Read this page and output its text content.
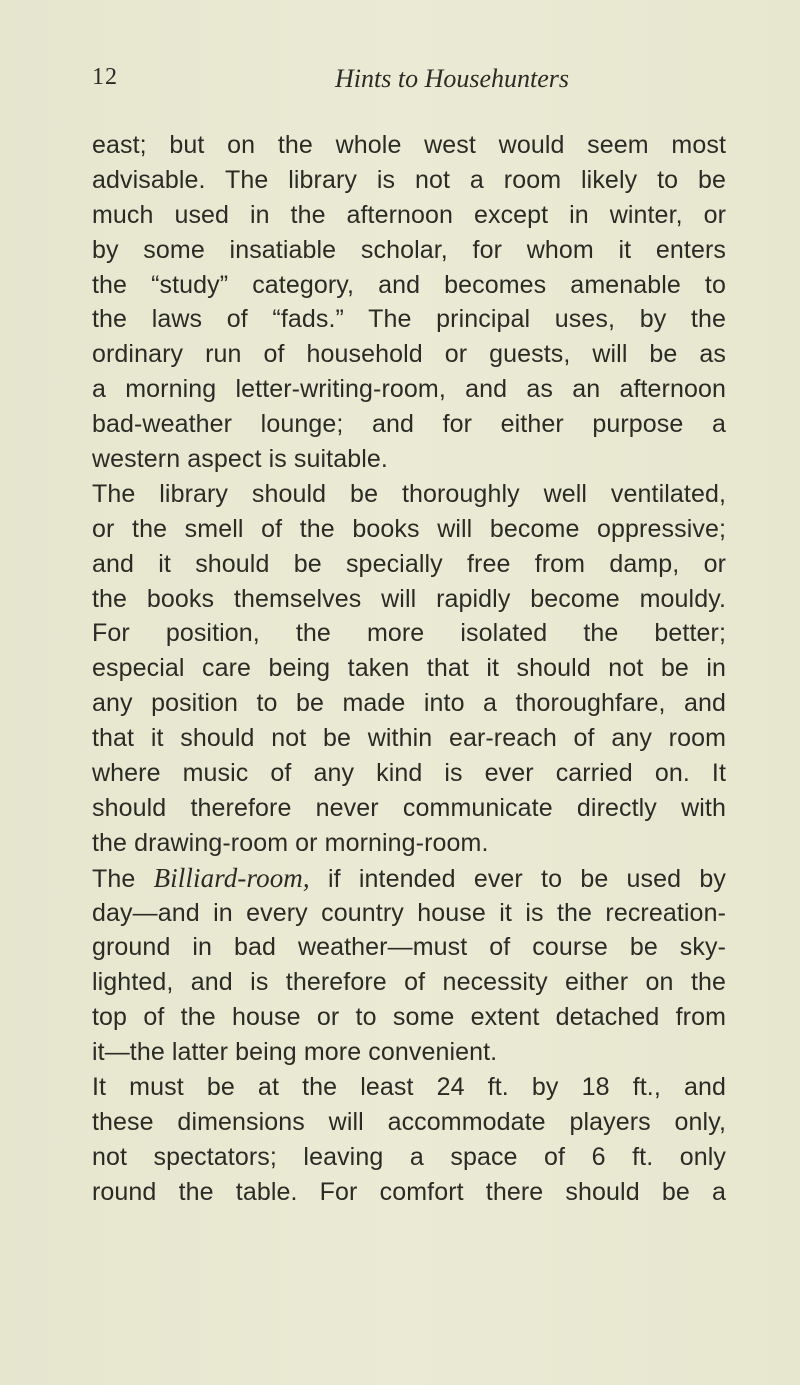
12	Hints to Househunters
east; but on the whole west would seem most
advisable. The library is not a room likely to be
much used in the afternoon except in winter, or
by some insatiable scholar, for whom it enters
the “study” category, and becomes amenable to
the laws of “fads.” The principal uses, by the
ordinary run of household or guests, will be as
a morning letter-writing-room, and as an afternoon
bad-weather lounge; and for either purpose a
western aspect is suitable.
The library should be thoroughly well ventilated,
or the smell of the books will become oppressive;
and it should be specially free from damp, or
the books themselves will rapidly become mouldy.
For position, the more isolated the better;
especial care being taken that it should not be in
any position to be made into a thoroughfare, and
that it should not be within ear-reach of any room
where music of any kind is ever carried on. It
should therefore never communicate directly with
the drawing-room or morning-room.
The Billiard-room, if intended ever to be used by
day—and in every country house it is the recreation-
ground in bad weather—must of course be sky-
lighted, and is therefore of necessity either on the
top of the house or to some extent detached from
it—the latter being more convenient.
It must be at the least 24 ft. by 18 ft., and
these dimensions will accommodate players only,
not spectators; leaving a space of 6 ft. only
round the table. For comfort there should be a
